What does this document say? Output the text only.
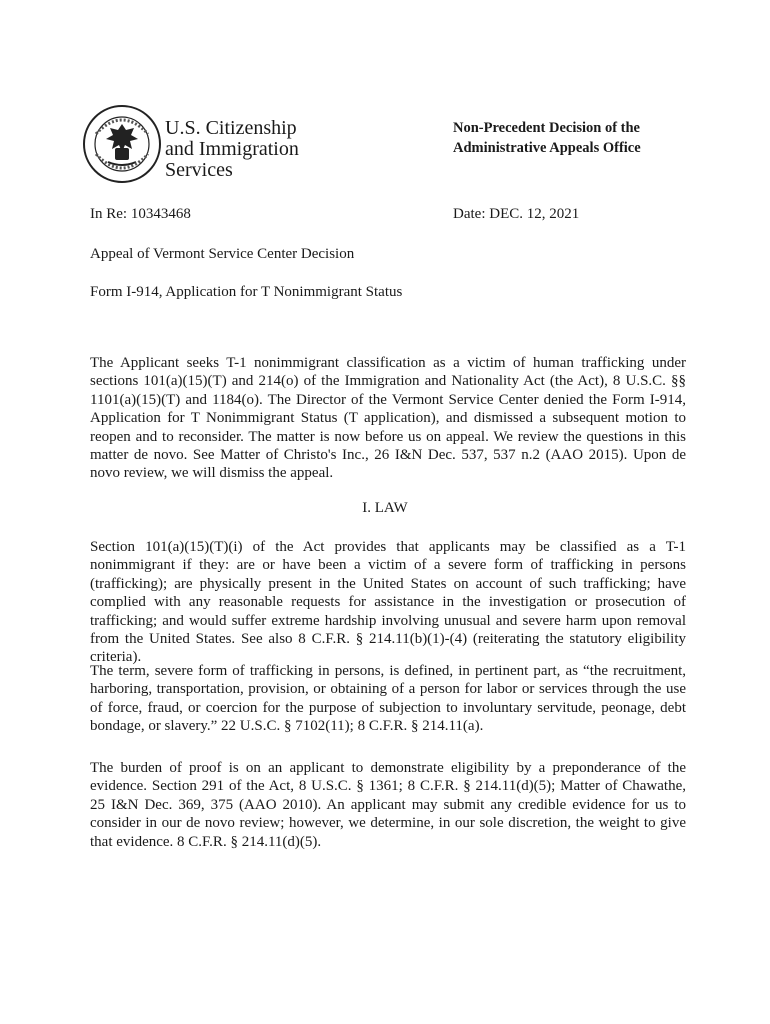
U.S. Citizenship
and Immigration
Services
Non-Precedent Decision of the
Administrative Appeals Office
In Re: 10343468	Date: DEC. 12, 2021
Appeal of Vermont Service Center Decision
Form I-914, Application for T Nonimmigrant Status

The Applicant seeks T-1 nonimmigrant classification as a victim of human trafficking under sections 101(a)(15)(T) and 214(o) of the Immigration and Nationality Act (the Act), 8 U.S.C. §§ 1101(a)(15)(T) and 1184(o). The Director of the Vermont Service Center denied the Form I-914, Application for T Nonimmigrant Status (T application), and dismissed a subsequent motion to reopen and to reconsider. The matter is now before us on appeal. We review the questions in this matter de novo. See Matter of Christo's Inc., 26 I&N Dec. 537, 537 n.2 (AAO 2015). Upon de novo review, we will dismiss the appeal.

I. LAW

Section 101(a)(15)(T)(i) of the Act provides that applicants may be classified as a T-1 nonimmigrant if they: are or have been a victim of a severe form of trafficking in persons (trafficking); are physically present in the United States on account of such trafficking; have complied with any reasonable requests for assistance in the investigation or prosecution of trafficking; and would suffer extreme hardship involving unusual and severe harm upon removal from the United States. See also 8 C.F.R. § 214.11(b)(1)-(4) (reiterating the statutory eligibility criteria).

The term, severe form of trafficking in persons, is defined, in pertinent part, as “the recruitment, harboring, transportation, provision, or obtaining of a person for labor or services through the use of force, fraud, or coercion for the purpose of subjection to involuntary servitude, peonage, debt bondage, or slavery.” 22 U.S.C. § 7102(11); 8 C.F.R. § 214.11(a).

The burden of proof is on an applicant to demonstrate eligibility by a preponderance of the evidence. Section 291 of the Act, 8 U.S.C. § 1361; 8 C.F.R. § 214.11(d)(5); Matter of Chawathe, 25 I&N Dec. 369, 375 (AAO 2010). An applicant may submit any credible evidence for us to consider in our de novo review; however, we determine, in our sole discretion, the weight to give that evidence. 8 C.F.R. § 214.11(d)(5).
